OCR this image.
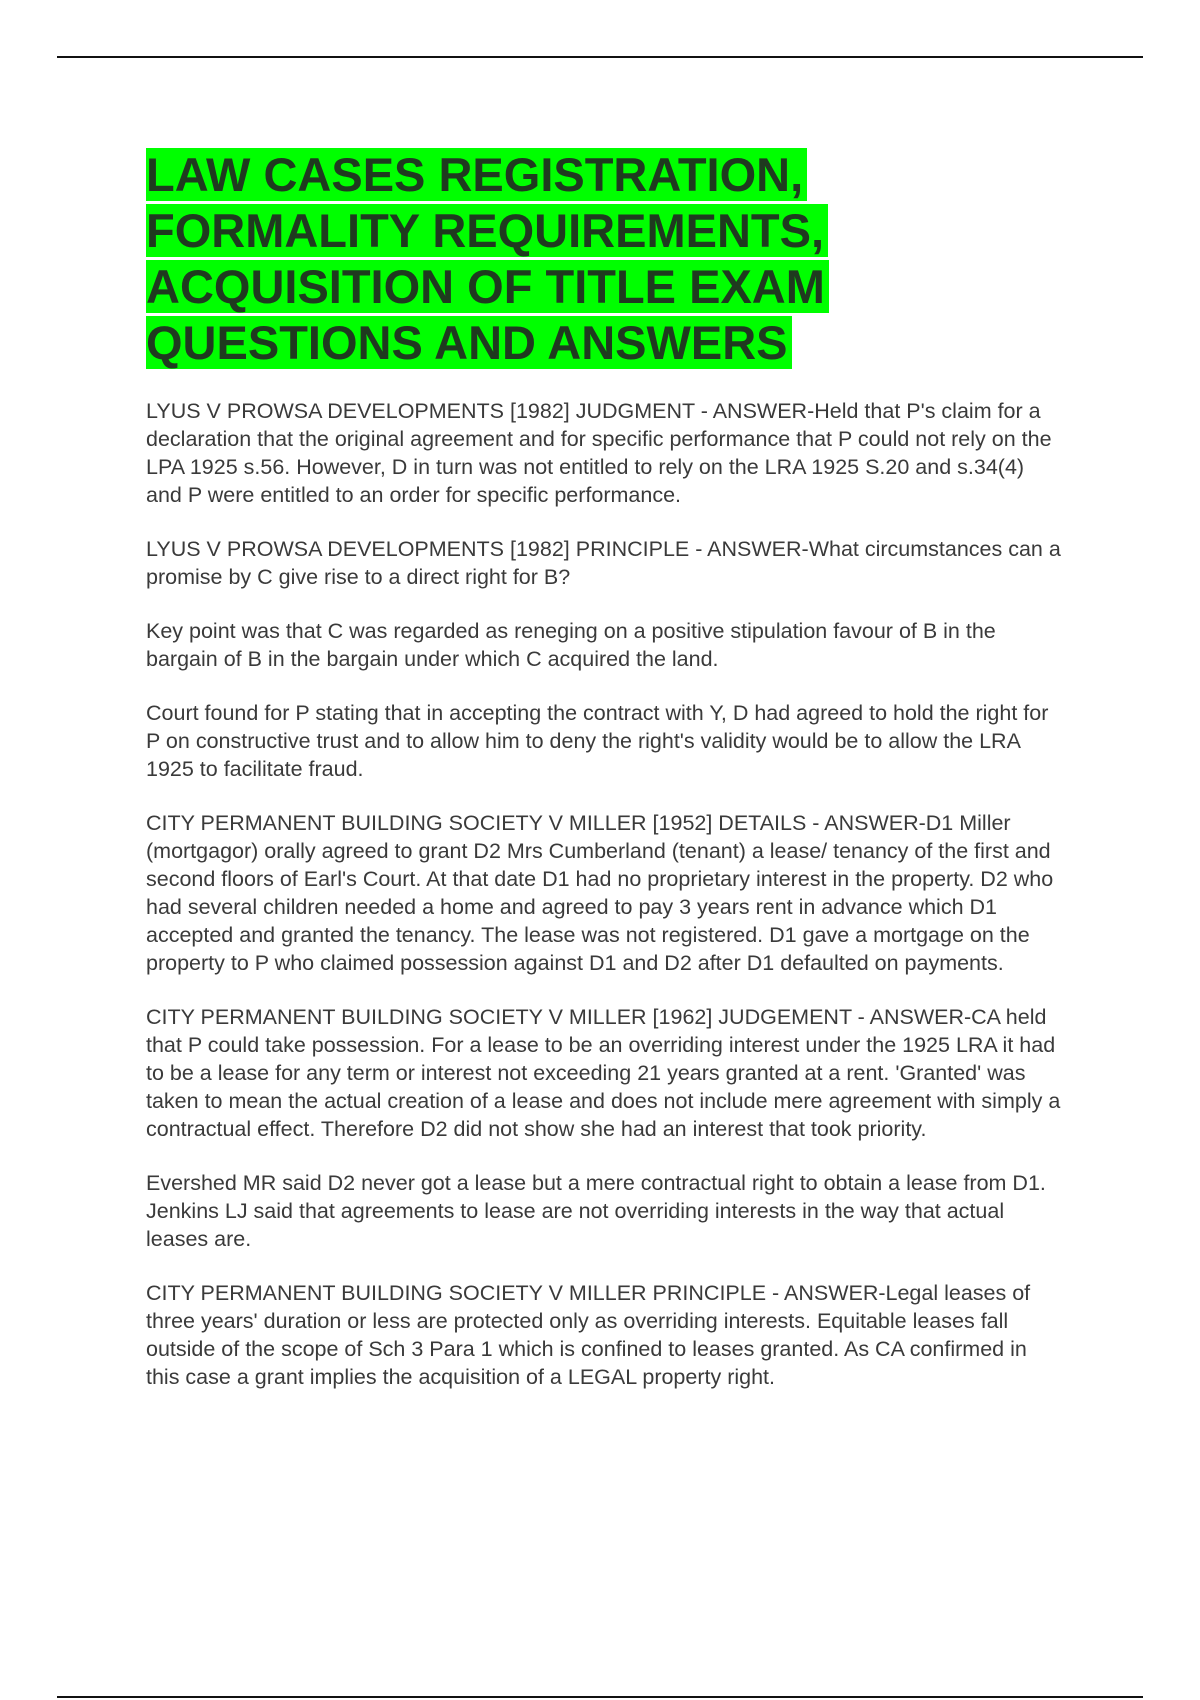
LAW CASES REGISTRATION, FORMALITY REQUIREMENTS, ACQUISITION OF TITLE EXAM QUESTIONS AND ANSWERS

LYUS V PROWSA DEVELOPMENTS [1982] JUDGMENT - ANSWER-Held that P's claim for a declaration that the original agreement and for specific performance that P could not rely on the LPA 1925 s.56. However, D in turn was not entitled to rely on the LRA 1925 S.20 and s.34(4) and P were entitled to an order for specific performance.

LYUS V PROWSA DEVELOPMENTS [1982] PRINCIPLE - ANSWER-What circumstances can a promise by C give rise to a direct right for B?

Key point was that C was regarded as reneging on a positive stipulation favour of B in the bargain of B in the bargain under which C acquired the land.

Court found for P stating that in accepting the contract with Y, D had agreed to hold the right for P on constructive trust and to allow him to deny the right's validity would be to allow the LRA 1925 to facilitate fraud.

CITY PERMANENT BUILDING SOCIETY V MILLER [1952] DETAILS - ANSWER-D1 Miller (mortgagor) orally agreed to grant D2 Mrs Cumberland (tenant) a lease/ tenancy of the first and second floors of Earl's Court. At that date D1 had no proprietary interest in the property. D2 who had several children needed a home and agreed to pay 3 years rent in advance which D1 accepted and granted the tenancy. The lease was not registered. D1 gave a mortgage on the property to P who claimed possession against D1 and D2 after D1 defaulted on payments.

CITY PERMANENT BUILDING SOCIETY V MILLER [1962] JUDGEMENT - ANSWER-CA held that P could take possession. For a lease to be an overriding interest under the 1925 LRA it had to be a lease for any term or interest not exceeding 21 years granted at a rent. 'Granted' was taken to mean the actual creation of a lease and does not include mere agreement with simply a contractual effect. Therefore D2 did not show she had an interest that took priority.

Evershed MR said D2 never got a lease but a mere contractual right to obtain a lease from D1. Jenkins LJ said that agreements to lease are not overriding interests in the way that actual leases are.

CITY PERMANENT BUILDING SOCIETY V MILLER PRINCIPLE - ANSWER-Legal leases of three years' duration or less are protected only as overriding interests. Equitable leases fall outside of the scope of Sch 3 Para 1 which is confined to leases granted. As CA confirmed in this case a grant implies the acquisition of a LEGAL property right.
